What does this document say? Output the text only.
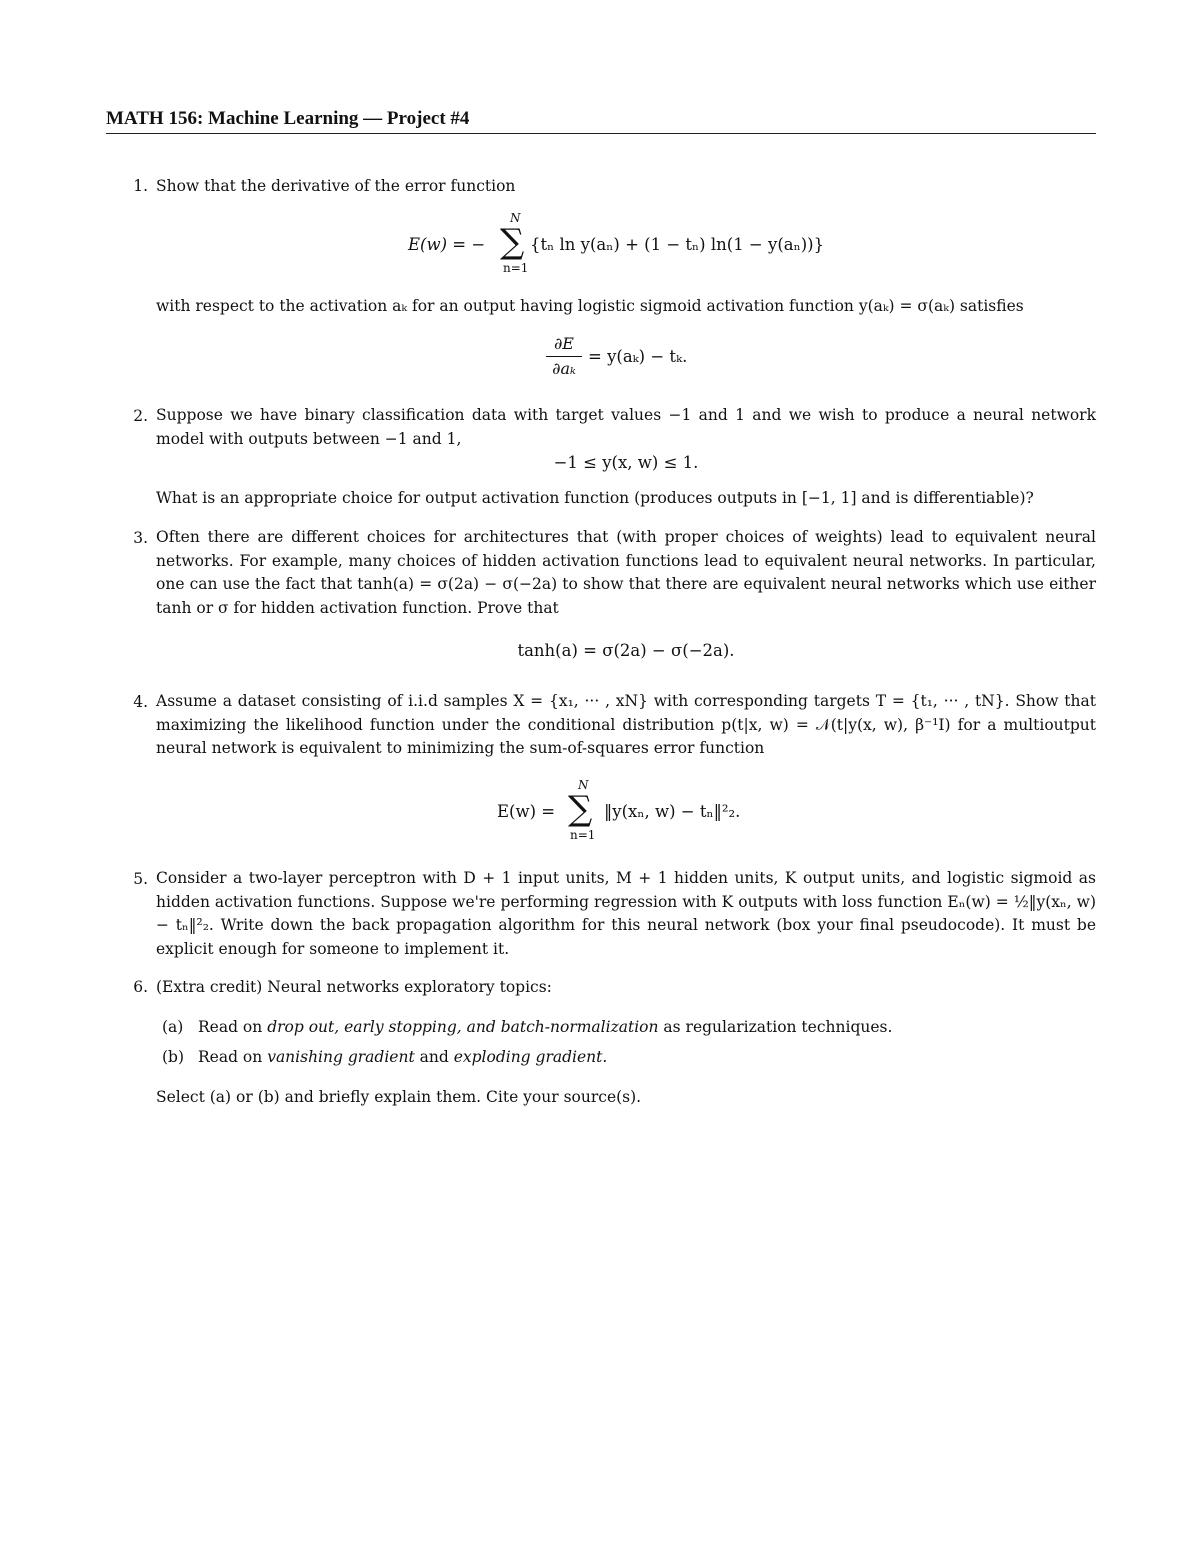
MATH 156: Machine Learning — Project #4
1. Show that the derivative of the error function
N
∑
n=1
E(w) = −	{tₙ ln y(aₙ) + (1 − tₙ) ln(1 − y(aₙ))}
with respect to the activation aₖ for an output having logistic sigmoid activation function y(aₖ) = σ(aₖ) satisfies
∂E
∂aₖ
= y(aₖ) − tₖ.
2. Suppose we have binary classification data with target values −1 and 1 and we wish to produce a neural network model with outputs between −1 and 1,
−1 ≤ y(x, w) ≤ 1.
What is an appropriate choice for output activation function (produces outputs in [−1, 1] and is differentiable)?
3. Often there are different choices for architectures that (with proper choices of weights) lead to equivalent neural networks. For example, many choices of hidden activation functions lead to equivalent neural networks. In particular, one can use the fact that tanh(a) = σ(2a) − σ(−2a) to show that there are equivalent neural networks which use either tanh or σ for hidden activation function. Prove that
tanh(a) = σ(2a) − σ(−2a).
4. Assume a dataset consisting of i.i.d samples X = {x₁, ··· , xN} with corresponding targets T = {t₁, ··· , tN}. Show that maximizing the likelihood function under the conditional distribution p(t|x, w) = 𝒩(t|y(x, w), β⁻¹I) for a multioutput neural network is equivalent to minimizing the sum-of-squares error function
N
∑
n=1
E(w) =	‖y(xₙ, w) − tₙ‖²₂.
5. Consider a two-layer perceptron with D + 1 input units, M + 1 hidden units, K output units, and logistic sigmoid as hidden activation functions. Suppose we're performing regression with K outputs with loss function Eₙ(w) = ½‖y(xₙ, w) − tₙ‖²₂. Write down the back propagation algorithm for this neural network (box your final pseudocode). It must be explicit enough for someone to implement it.
6. (Extra credit) Neural networks exploratory topics:
(a) Read on drop out, early stopping, and batch-normalization as regularization techniques.
(b) Read on vanishing gradient and exploding gradient.
Select (a) or (b) and briefly explain them. Cite your source(s).
